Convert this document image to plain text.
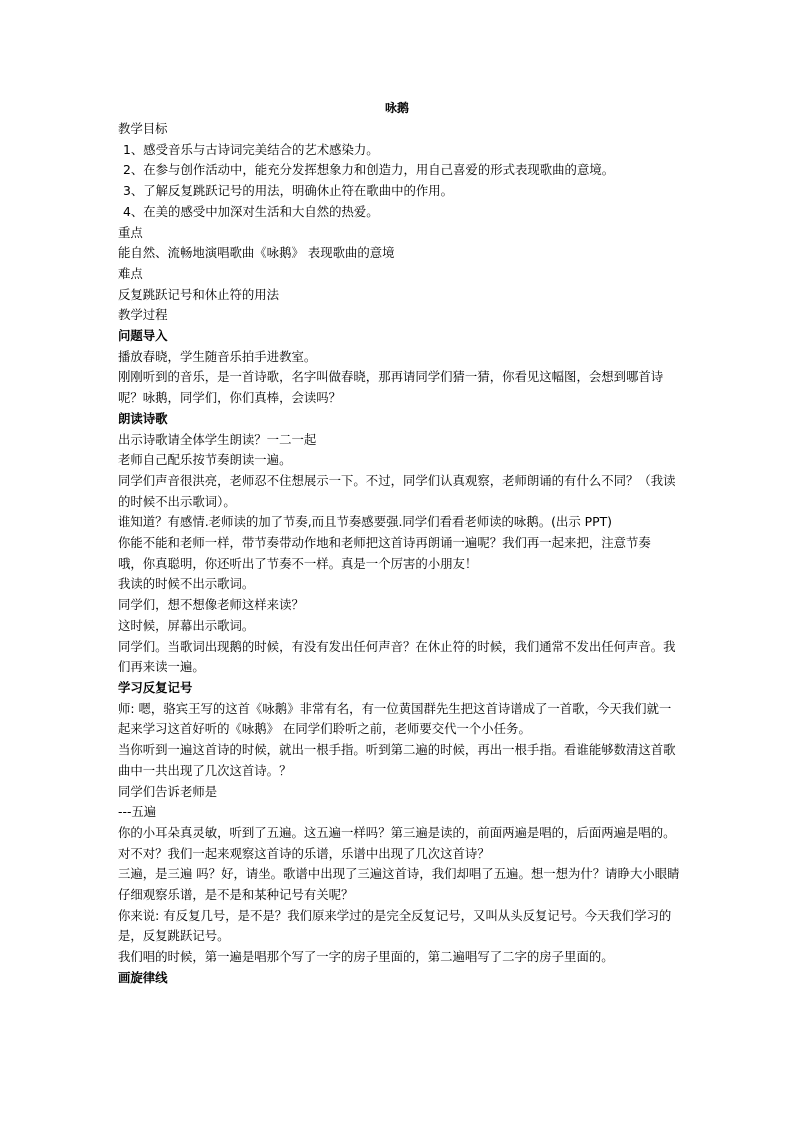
咏鹅
教学目标
1、感受音乐与古诗词完美结合的艺术感染力。
2、在参与创作活动中，能充分发挥想象力和创造力，用自己喜爱的形式表现歌曲的意境。
3、了解反复跳跃记号的用法，明确休止符在歌曲中的作用。
4、在美的感受中加深对生活和大自然的热爱。
重点
能自然、流畅地演唱歌曲《咏鹅》 表现歌曲的意境
难点
反复跳跃记号和休止符的用法
教学过程
问题导入
播放春晓，学生随音乐拍手进教室。
刚刚听到的音乐，是一首诗歌，名字叫做春晓，那再请同学们猜一猜，你看见这幅图，会想到哪首诗呢？咏鹅，同学们，你们真棒，会读吗？
朗读诗歌
出示诗歌请全体学生朗读？一二一起
老师自己配乐按节奏朗读一遍。
同学们声音很洪亮，老师忍不住想展示一下。不过，同学们认真观察，老师朗诵的有什么不同？（我读的时候不出示歌词）。
谁知道？有感情.老师读的加了节奏,而且节奏感要强.同学们看看老师读的咏鹅。(出示 PPT)
你能不能和老师一样，带节奏带动作地和老师把这首诗再朗诵一遍呢？我们再一起来把，注意节奏
哦，你真聪明，你还听出了节奏不一样。真是一个厉害的小朋友！
我读的时候不出示歌词。
同学们，想不想像老师这样来读？
这时候，屏幕出示歌词。
同学们。当歌词出现鹅的时候，有没有发出任何声音？在休止符的时候，我们通常不发出任何声音。我们再来读一遍。
学习反复记号
师: 嗯，骆宾王写的这首《咏鹅》非常有名，有一位黄国群先生把这首诗谱成了一首歌，今天我们就一起来学习这首好听的《咏鹅》 在同学们聆听之前，老师要交代一个小任务。
当你听到一遍这首诗的时候，就出一根手指。听到第二遍的时候，再出一根手指。看谁能够数清这首歌曲中一共出现了几次这首诗。？
同学们告诉老师是
---五遍
你的小耳朵真灵敏，听到了五遍。这五遍一样吗？第三遍是读的，前面两遍是唱的，后面两遍是唱的。对不对？我们一起来观察这首诗的乐谱，乐谱中出现了几次这首诗？
三遍，是三遍 吗？好，请坐。歌谱中出现了三遍这首诗，我们却唱了五遍。想一想为什？请睁大小眼睛仔细观察乐谱，是不是和某种记号有关呢？
你来说: 有反复几号，是不是？我们原来学过的是完全反复记号，又叫从头反复记号。今天我们学习的是，反复跳跃记号。
我们唱的时候，第一遍是唱那个写了一字的房子里面的，第二遍唱写了二字的房子里面的。
画旋律线
